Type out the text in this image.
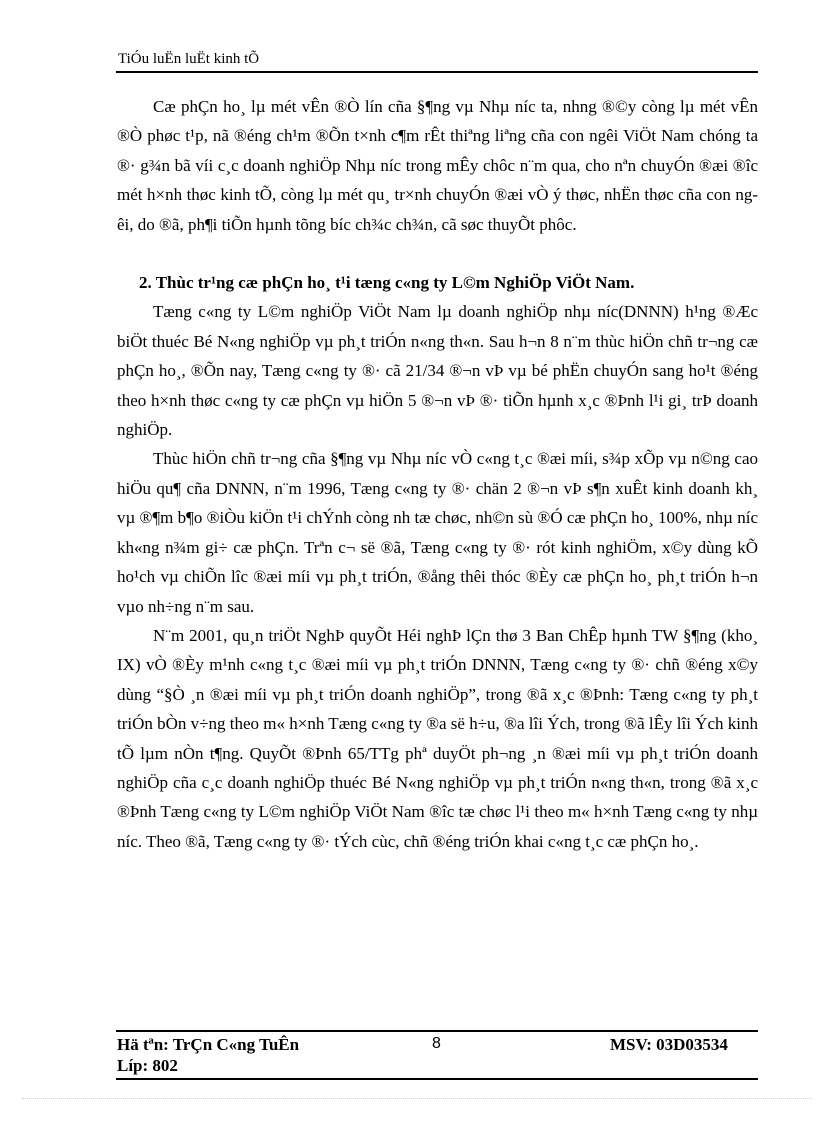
TiÓu luËn luËt kinh tÕ

Cæ phÇn ho¸ lµ mét vÊn ®Ò lín cña §¶ng vµ Nhµ níc ta, nhng ®©y còng lµ mét vÊn ®Ò phøc t¹p, nã ®éng ch¹m ®Õn t×nh c¶m rÊt thiªng liªng cña con ngêi ViÖt Nam chóng ta ®· g¾n bã víi c¸c doanh nghiÖp Nhµ níc trong mÊy chôc n¨m qua, cho nªn chuyÓn ®æi ®îc mét h×nh thøc kinh tÕ, còng lµ mét qu¸ tr×nh chuyÓn ®æi vÒ ý thøc, nhËn thøc cña con ngêi, do ®ã, ph¶i tiÕn hµnh tõng bíc ch¾c ch¾n, cã søc thuyÕt phôc.

2. Thùc tr¹ng cæ phÇn ho¸ t¹i tæng c«ng ty L©m NghiÖp ViÖt Nam.

Tæng c«ng ty L©m nghiÖp ViÖt Nam lµ doanh nghiÖp nhµ níc(DNNN) h¹ng ®Æc biÖt thuéc Bé N«ng nghiÖp vµ ph¸t triÓn n«ng th«n. Sau h¬n 8 n¨m thùc hiÖn chñ tr¬ng cæ phÇn ho¸, ®Õn nay, Tæng c«ng ty ®· cã 21/34 ®¬n vÞ vµ bé phËn chuyÓn sang ho¹t ®éng theo h×nh thøc c«ng ty cæ phÇn vµ hiÖn 5 ®¬n vÞ ®· tiÕn hµnh x¸c ®Þnh l¹i gi¸ trÞ doanh nghiÖp.

Thùc hiÖn chñ tr¬ng cña §¶ng vµ Nhµ níc vÒ c«ng t¸c ®æi míi, s¾p xÕp vµ n©ng cao hiÖu qu¶ cña DNNN, n¨m 1996, Tæng c«ng ty ®· chän 2 ®¬n vÞ s¶n xuÊt kinh doanh kh¸ vµ ®¶m b¶o ®iÒu kiÖn t¹i chÝnh còng nh tæ chøc, nh©n sù ®Ó cæ phÇn ho¸ 100%, nhµ níc kh«ng n¾m gi÷ cæ phÇn. Trªn c¬ së ®ã, Tæng c«ng ty ®· rót kinh nghiÖm, x©y dùng kÕ ho¹ch vµ chiÕn lîc ®æi míi vµ ph¸t triÓn, ®ång thêi thóc ®Èy cæ phÇn ho¸ ph¸t triÓn h¬n vµo nh÷ng n¨m sau.

N¨m 2001, qu¸n triÖt NghÞ quyÕt Héi nghÞ lÇn thø 3 Ban ChÊp hµnh TW §¶ng (kho¸ IX) vÒ ®Èy m¹nh c«ng t¸c ®æi míi vµ ph¸t triÓn DNNN, Tæng c«ng ty ®· chñ ®éng x©y dùng “§Ò ¸n ®æi míi vµ ph¸t triÓn doanh nghiÖp”, trong ®ã x¸c ®Þnh: Tæng c«ng ty ph¸t triÓn bÒn v÷ng theo m« h×nh Tæng c«ng ty ®a së h÷u, ®a lîi Ých, trong ®ã lÊy lîi Ých kinh tÕ lµm nÒn t¶ng. QuyÕt ®Þnh 65/TTg phª duyÖt ph¬ng ¸n ®æi míi vµ ph¸t triÓn doanh nghiÖp cña c¸c doanh nghiÖp thuéc Bé N«ng nghiÖp vµ ph¸t triÓn n«ng th«n, trong ®ã x¸c ®Þnh Tæng c«ng ty L©m nghiÖp ViÖt Nam ®îc tæ chøc l¹i theo m« h×nh Tæng c«ng ty nhµ níc. Theo ®ã, Tæng c«ng ty ®· tÝch cùc, chñ ®éng triÓn khai c«ng t¸c cæ phÇn ho¸.

Hä tªn: TrÇn C«ng TuÊn	8	MSV: 03D03534
Líp: 802
